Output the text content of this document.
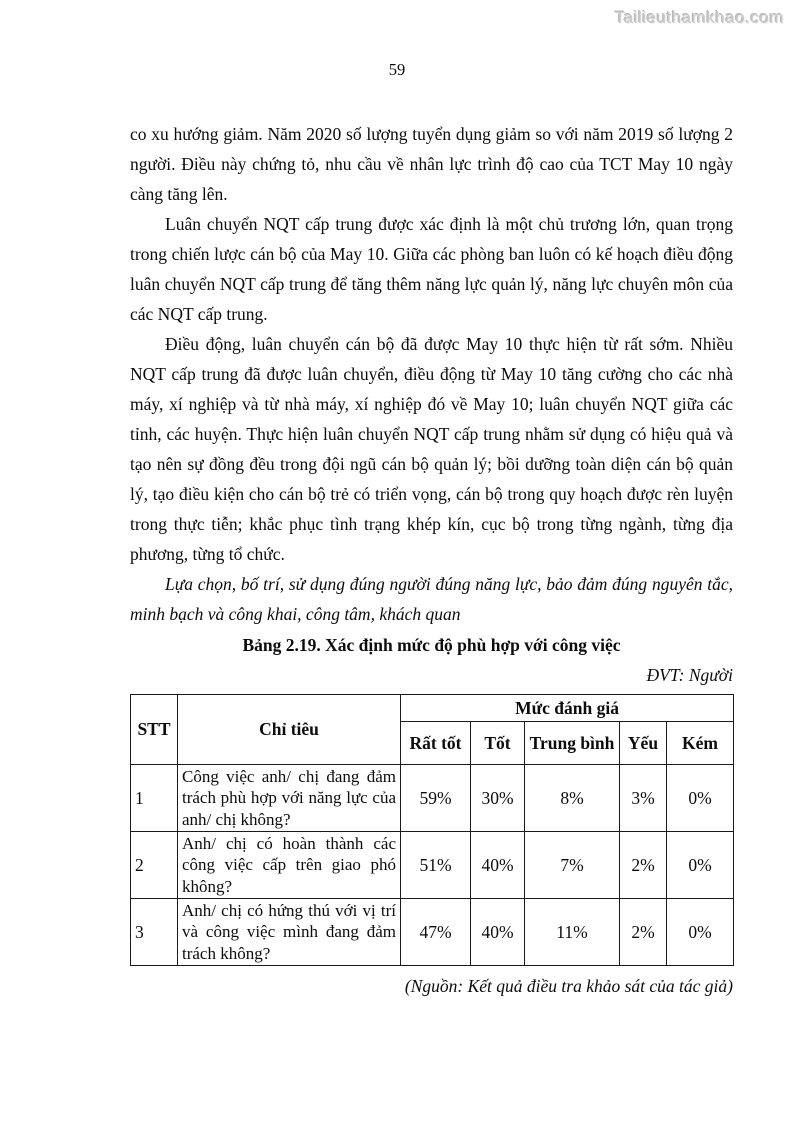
Tailieuthamkhao.com
59

co xu hướng giảm. Năm 2020 số lượng tuyển dụng giảm so với năm 2019 số lượng 2 người. Điều này chứng tỏ, nhu cầu về nhân lực trình độ cao của TCT May 10 ngày càng tăng lên.

Luân chuyển NQT cấp trung được xác định là một chủ trương lớn, quan trọng trong chiến lược cán bộ của May 10. Giữa các phòng ban luôn có kế hoạch điều động luân chuyển NQT cấp trung để tăng thêm năng lực quản lý, năng lực chuyên môn của các NQT cấp trung.

Điều động, luân chuyển cán bộ đã được May 10 thực hiện từ rất sớm. Nhiều NQT cấp trung đã được luân chuyển, điều động từ May 10 tăng cường cho các nhà máy, xí nghiệp và từ nhà máy, xí nghiệp đó về May 10; luân chuyển NQT giữa các tỉnh, các huyện. Thực hiện luân chuyển NQT cấp trung nhằm sử dụng có hiệu quả và tạo nên sự đồng đều trong đội ngũ cán bộ quản lý; bồi dưỡng toàn diện cán bộ quản lý, tạo điều kiện cho cán bộ trẻ có triển vọng, cán bộ trong quy hoạch được rèn luyện trong thực tiễn; khắc phục tình trạng khép kín, cục bộ trong từng ngành, từng địa phương, từng tổ chức.

Lựa chọn, bố trí, sử dụng đúng người đúng năng lực, bảo đảm đúng nguyên tắc, minh bạch và công khai, công tâm, khách quan

Bảng 2.19. Xác định mức độ phù hợp với công việc

ĐVT: Người

STT	Chỉ tiêu	Mức đánh giá				
		Rất tốt	Tốt	Trung bình	Yếu	Kém
1	Công việc anh/ chị đang đảm trách phù hợp với năng lực của anh/ chị không?	59%	30%	8%	3%	0%
2	Anh/ chị có hoàn thành các công việc cấp trên giao phó không?	51%	40%	7%	2%	0%
3	Anh/ chị có hứng thú với vị trí và công việc mình đang đảm trách không?	47%	40%	11%	2%	0%

(Nguồn: Kết quả điều tra khảo sát của tác giả)
